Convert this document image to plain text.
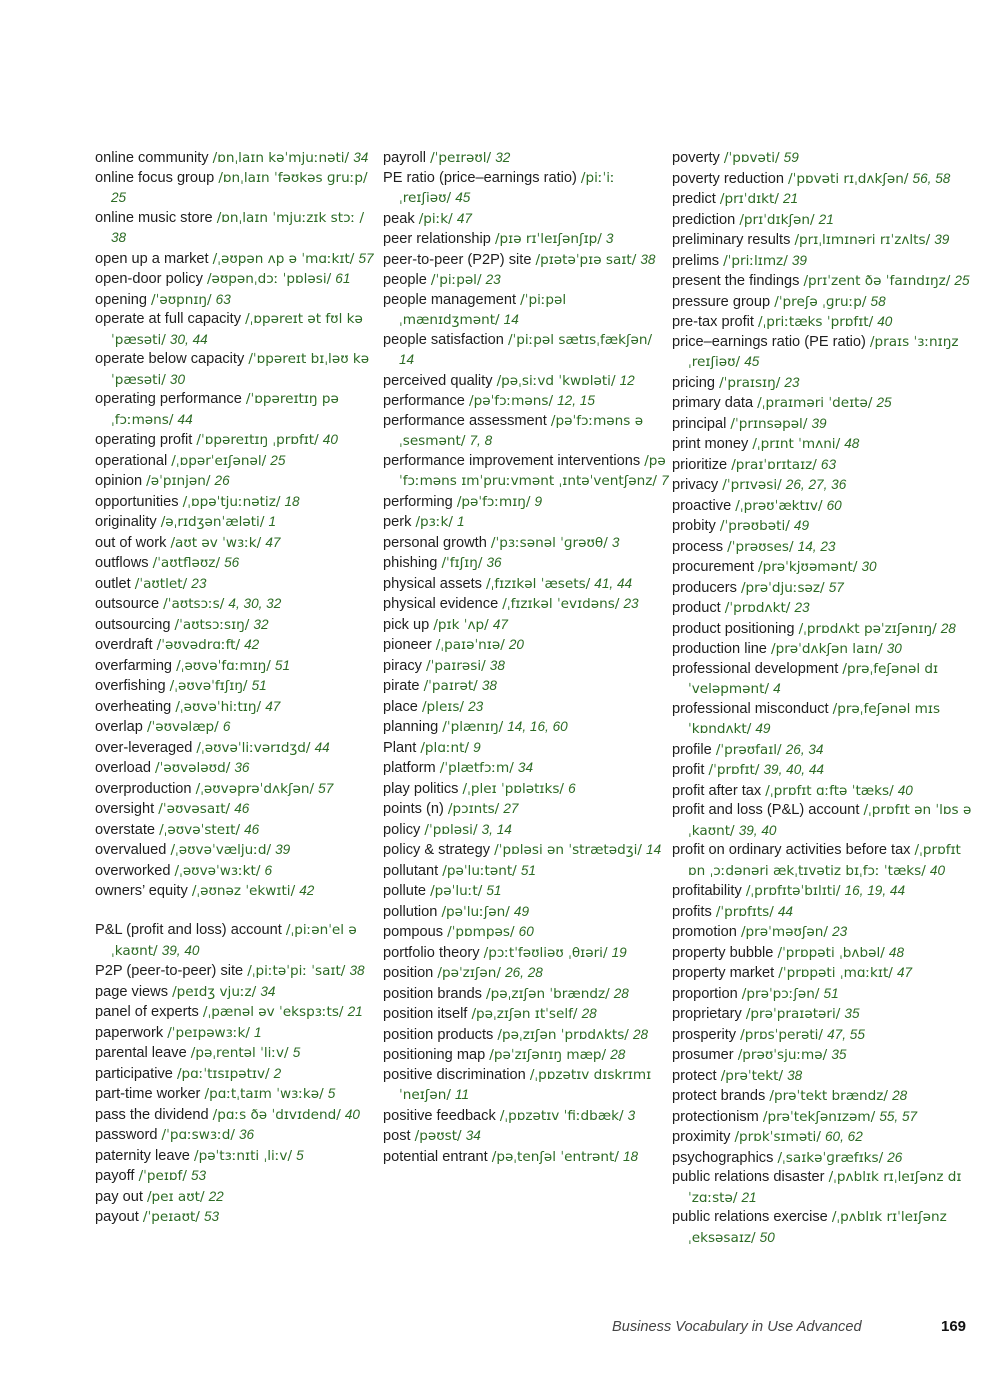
online community /ɒnˌlaɪn kəˈmjuːnəti/ 34
online focus group /ɒnˌlaɪn ˈfəʊkəs ɡruːp/ 25
online music store /ɒnˌlaɪn ˈmjuːzɪk stɔː / 38
open up a market /ˌəʊpən ʌp ə ˈmɑːkɪt/ 57
open-door policy /əʊpənˌdɔː ˈpɒləsi/ 61
opening /ˈəʊpnɪŋ/ 63
operate at full capacity /ˌɒpəreɪt ət fʊl kəˈpæsəti/ 30, 44
operate below capacity /ˈɒpəreɪt bɪˌləʊ kəˈpæsəti/ 30
operating performance /ˈɒpəreɪtɪŋ pəˌfɔːməns/ 44
operating profit /ˈɒpəreɪtɪŋ ˌprɒfɪt/ 40
operational /ˌɒpərˈeɪʃənəl/ 25
opinion /əˈpɪnjən/ 26
opportunities /ˌɒpəˈtjuːnətiz/ 18
originality /əˌrɪdʒənˈæləti/ 1
out of work /aʊt əv ˈwɜːk/ 47
outflows /ˈaʊtfləʊz/ 56
outlet /ˈaʊtlet/ 23
outsource /ˈaʊtsɔːs/ 4, 30, 32
outsourcing /ˈaʊtsɔːsɪŋ/ 32
overdraft /ˈəʊvədrɑːft/ 42
overfarming /ˌəʊvəˈfɑːmɪŋ/ 51
overfishing /ˌəʊvəˈfɪʃɪŋ/ 51
overheating /ˌəʊvəˈhiːtɪŋ/ 47
overlap /ˈəʊvəlæp/ 6
over-leveraged /ˌəʊvəˈliːvərɪdʒd/ 44
overload /ˈəʊvələʊd/ 36
overproduction /ˌəʊvəprəˈdʌkʃən/ 57
oversight /ˈəʊvəsaɪt/ 46
overstate /ˌəʊvəˈsteɪt/ 46
overvalued /ˌəʊvəˈvæljuːd/ 39
overworked /ˌəʊvəˈwɜːkt/ 6
owners’ equity /ˌəʊnəz ˈekwɪti/ 42
P&L (profit and loss) account /ˌpiːənˈel əˌkaʊnt/ 39, 40
P2P (peer-to-peer) site /ˌpiːtəˈpiː ˈsaɪt/ 38
page views /peɪdʒ vjuːz/ 34
panel of experts /ˌpænəl əv ˈekspɜːts/ 21
paperwork /ˈpeɪpəwɜːk/ 1
parental leave /pəˌrentəl ˈliːv/ 5
participative /pɑːˈtɪsɪpətɪv/ 2
part-time worker /pɑːtˌtaɪm ˈwɜːkə/ 5
pass the dividend /pɑːs ðə ˈdɪvɪdend/ 40
password /ˈpɑːswɜːd/ 36
paternity leave /pəˈtɜːnɪti ˌliːv/ 5
payoff /ˈpeɪɒf/ 53
pay out /peɪ aʊt/ 22
payout /ˈpeɪaʊt/ 53
payroll /ˈpeɪrəʊl/ 32
PE ratio (price–earnings ratio) /piːˈiː ˌreɪʃiəʊ/ 45
peak /piːk/ 47
peer relationship /pɪə rɪˈleɪʃənʃɪp/ 3
peer-to-peer (P2P) site /pɪətəˈpɪə saɪt/ 38
people /ˈpiːpəl/ 23
people management /ˈpiːpəl ˌmænɪdʒmənt/ 14
people satisfaction /ˈpiːpəl sætɪsˌfækʃən/ 14
perceived quality /pəˌsiːvd ˈkwɒləti/ 12
performance /pəˈfɔːməns/ 12, 15
performance assessment /pəˈfɔːməns əˌsesmənt/ 7, 8
performance improvement interventions /pəˈfɔːməns ɪmˈpruːvmənt ˌɪntəˈventʃənz/ 7
performing /pəˈfɔːmɪŋ/ 9
perk /pɜːk/ 1
personal growth /ˈpɜːsənəl ˈɡrəʊθ/ 3
phishing /ˈfɪʃɪŋ/ 36
physical assets /ˌfɪzɪkəl ˈæsets/ 41, 44
physical evidence /ˌfɪzɪkəl ˈevɪdəns/ 23
pick up /pɪk ˈʌp/ 47
pioneer /ˌpaɪəˈnɪə/ 20
piracy /ˈpaɪrəsi/ 38
pirate /ˈpaɪrət/ 38
place /pleɪs/ 23
planning /ˈplænɪŋ/ 14, 16, 60
Plant /plɑːnt/ 9
platform /ˈplætfɔːm/ 34
play politics /ˌpleɪ ˈpɒlətɪks/ 6
points (n) /pɔɪnts/ 27
policy /ˈpɒləsi/ 3, 14
policy & strategy /ˈpɒləsi ən ˈstrætədʒi/ 14
pollutant /pəˈluːtənt/ 51
pollute /pəˈluːt/ 51
pollution /pəˈluːʃən/ 49
pompous /ˈpɒmpəs/ 60
portfolio theory /pɔːtˈfəʊliəʊ ˌθɪəri/ 19
position /pəˈzɪʃən/ 26, 28
position brands /pəˌzɪʃən ˈbrændz/ 28
position itself /pəˌzɪʃən ɪtˈself/ 28
position products /pəˌzɪʃən ˈprɒdʌkts/ 28
positioning map /pəˈzɪʃənɪŋ mæp/ 28
positive discrimination /ˌpɒzətɪv dɪskrɪmɪˈneɪʃən/ 11
positive feedback /ˌpɒzətɪv ˈfiːdbæk/ 3
post /pəʊst/ 34
potential entrant /pəˌtenʃəl ˈentrənt/ 18
poverty /ˈpɒvəti/ 59
poverty reduction /ˈpɒvəti rɪˌdʌkʃən/ 56, 58
predict /prɪˈdɪkt/ 21
prediction /prɪˈdɪkʃən/ 21
preliminary results /prɪˌlɪmɪnəri rɪˈzʌlts/ 39
prelims /ˈpriːlɪmz/ 39
present the findings /prɪˈzent ðə ˈfaɪndɪŋz/ 25
pressure group /ˈpreʃə ˌɡruːp/ 58
pre-tax profit /ˌpriːtæks ˈprɒfɪt/ 40
price–earnings ratio (PE ratio) /praɪs ˈɜːnɪŋz ˌreɪʃiəʊ/ 45
pricing /ˈpraɪsɪŋ/ 23
primary data /ˌpraɪməri ˈdeɪtə/ 25
principal /ˈprɪnsəpəl/ 39
print money /ˌprɪnt ˈmʌni/ 48
prioritize /praɪˈɒrɪtaɪz/ 63
privacy /ˈprɪvəsi/ 26, 27, 36
proactive /ˌprəʊˈæktɪv/ 60
probity /ˈprəʊbəti/ 49
process /ˈprəʊses/ 14, 23
procurement /prəˈkjʊəmənt/ 30
producers /prəˈdjuːsəz/ 57
product /ˈprɒdʌkt/ 23
product positioning /ˌprɒdʌkt pəˈzɪʃənɪŋ/ 28
production line /prəˈdʌkʃən laɪn/ 30
professional development /prəˌfeʃənəl dɪˈveləpmənt/ 4
professional misconduct /prəˌfeʃənəl mɪsˈkɒndʌkt/ 49
profile /ˈprəʊfaɪl/ 26, 34
profit /ˈprɒfɪt/ 39, 40, 44
profit after tax /ˌprɒfɪt ɑːftə ˈtæks/ 40
profit and loss (P&L) account /ˌprɒfɪt ən ˈlɒs əˌkaʊnt/ 39, 40
profit on ordinary activities before tax /ˌprɒfɪt ɒn ˌɔːdənəri ækˌtɪvətiz bɪˌfɔː ˈtæks/ 40
profitability /ˌprɒfɪtəˈbɪlɪti/ 16, 19, 44
profits /ˈprɒfɪts/ 44
promotion /prəˈməʊʃən/ 23
property bubble /ˈprɒpəti ˌbʌbəl/ 48
property market /ˈprɒpəti ˌmɑːkɪt/ 47
proportion /prəˈpɔːʃən/ 51
proprietary /prəˈpraɪətəri/ 35
prosperity /prɒsˈperəti/ 47, 55
prosumer /prəʊˈsjuːmə/ 35
protect /prəˈtekt/ 38
protect brands /prəˈtekt brændz/ 28
protectionism /prəˈtekʃənɪzəm/ 55, 57
proximity /prɒkˈsɪməti/ 60, 62
psychographics /ˌsaɪkəˈɡræfɪks/ 26
public relations disaster /ˌpʌblɪk rɪˌleɪʃənz dɪˈzɑːstə/ 21
public relations exercise /ˌpʌblɪk rɪˈleɪʃənz ˌeksəsaɪz/ 50
Business Vocabulary in Use Advanced	169
